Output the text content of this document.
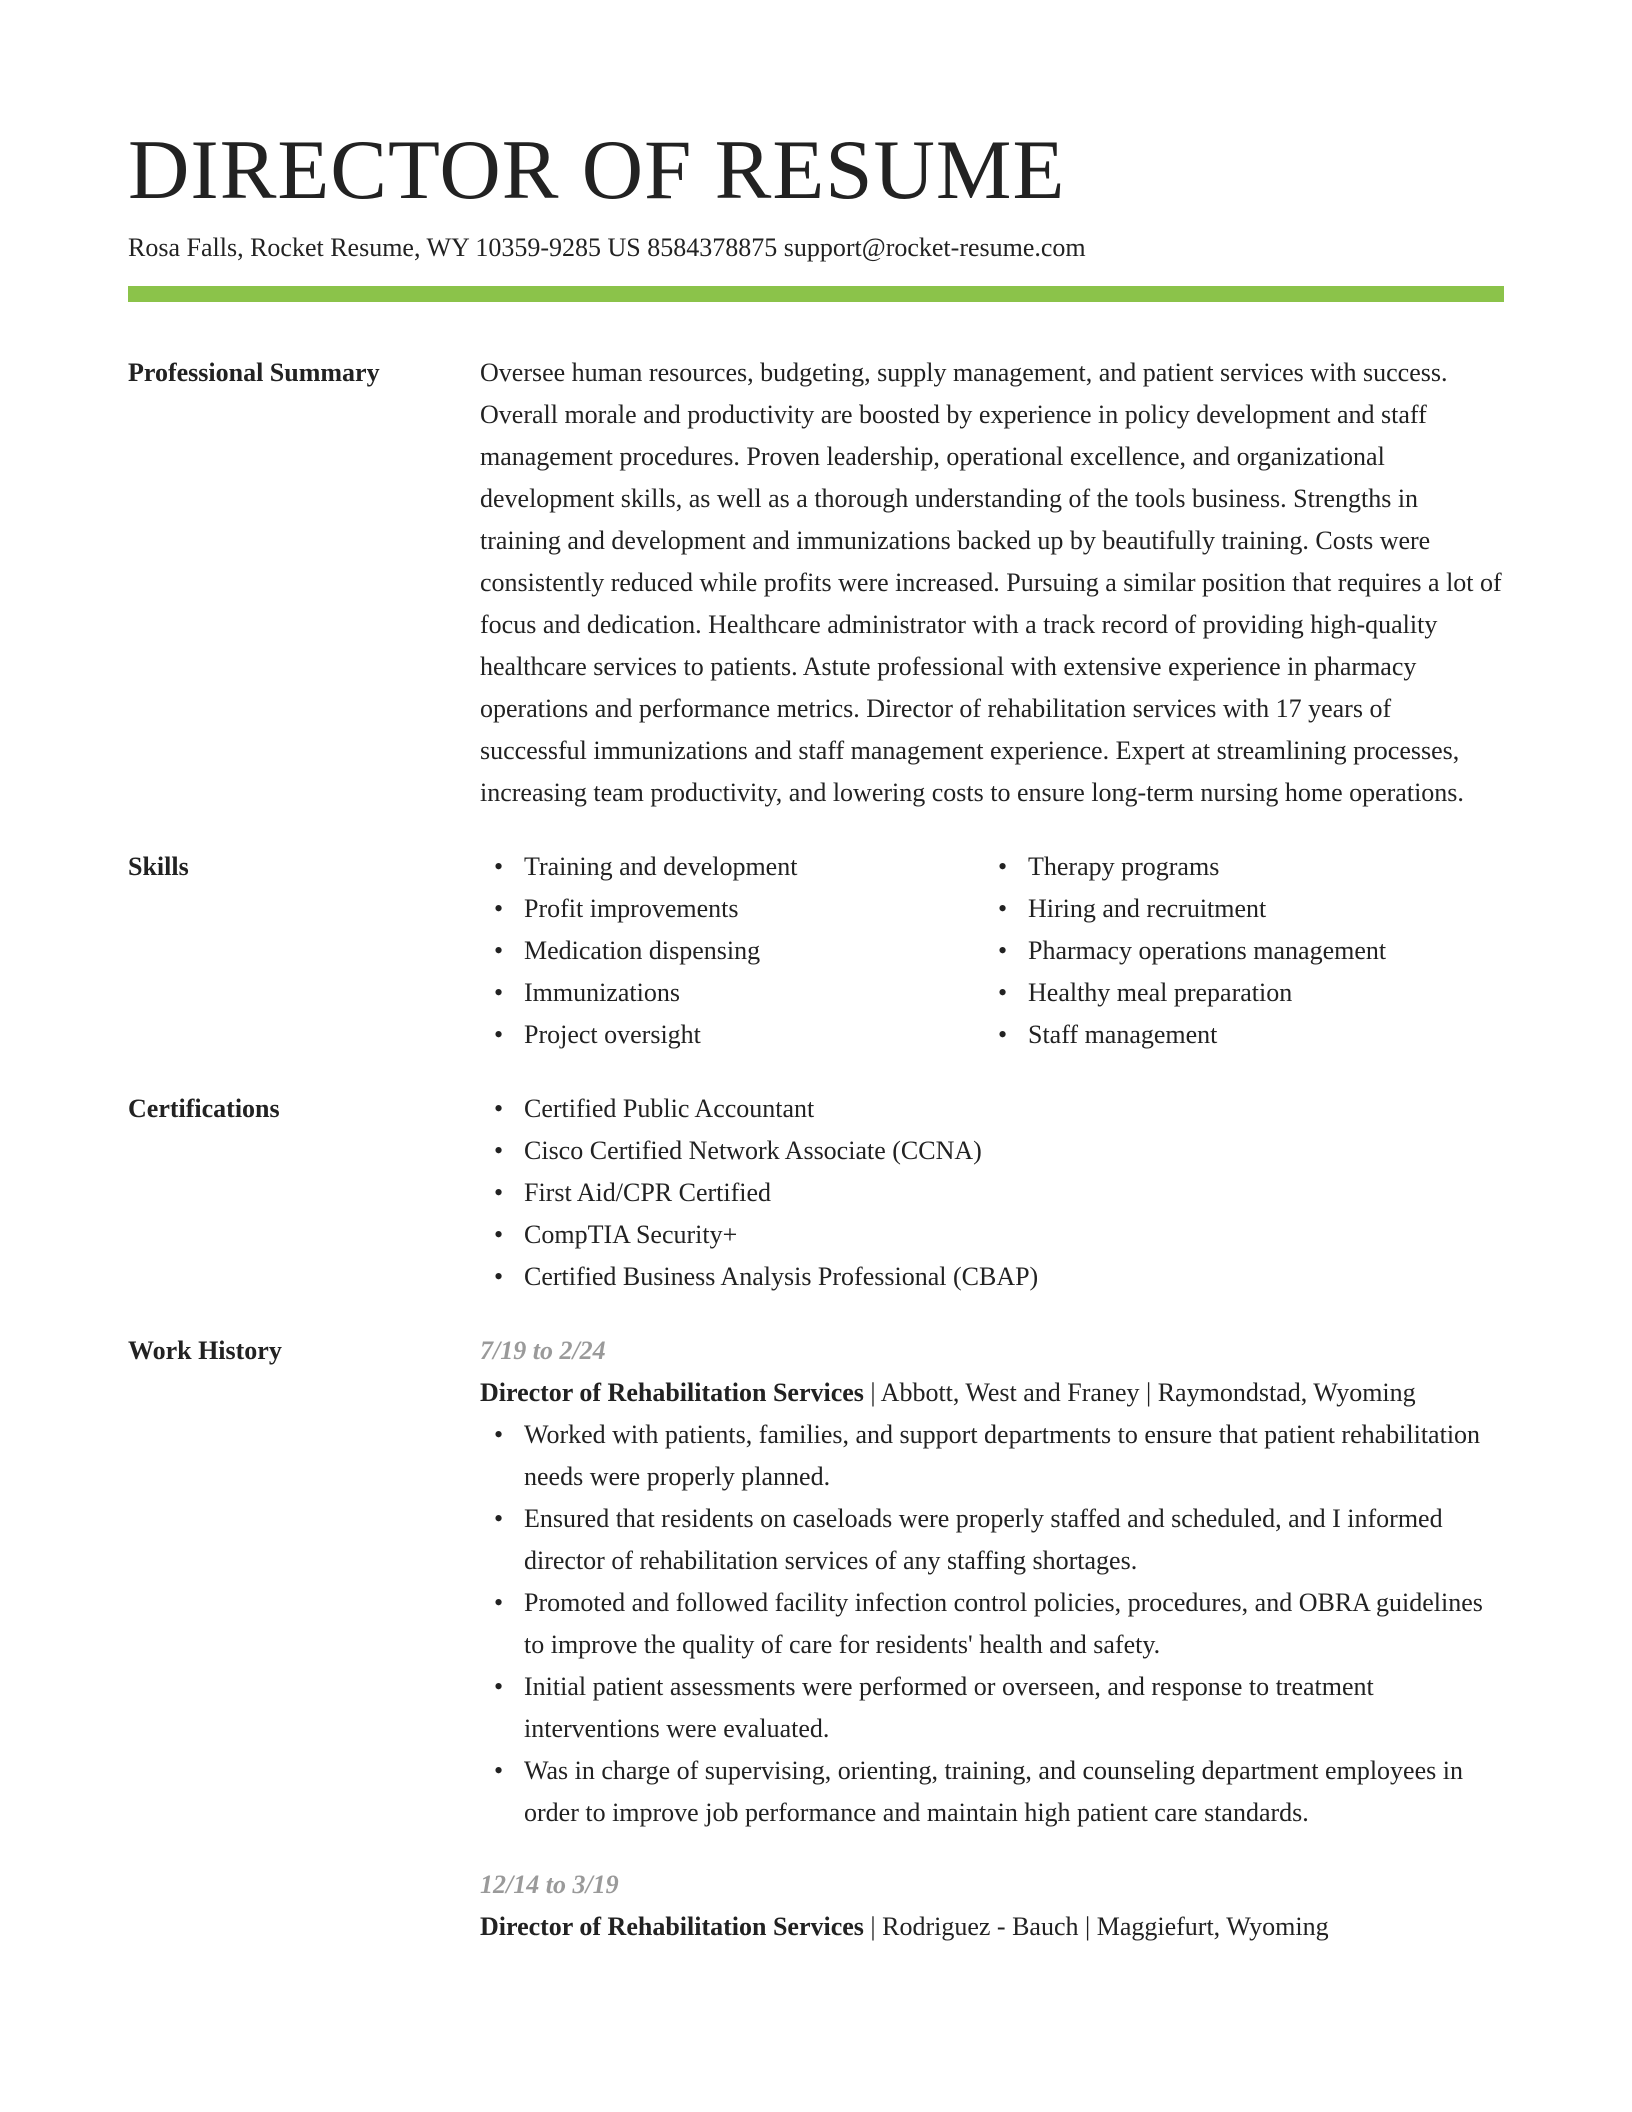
DIRECTOR OF RESUME
Rosa Falls, Rocket Resume, WY 10359-9285 US 8584378875 support@rocket-resume.com
Professional Summary	Oversee human resources, budgeting, supply management, and patient services with success. Overall morale and productivity are boosted by experience in policy development and staff management procedures. Proven leadership, operational excellence, and organizational development skills, as well as a thorough understanding of the tools business. Strengths in training and development and immunizations backed up by beautifully training. Costs were consistently reduced while profits were increased. Pursuing a similar position that requires a lot of focus and dedication. Healthcare administrator with a track record of providing high-quality healthcare services to patients. Astute professional with extensive experience in pharmacy operations and performance metrics. Director of rehabilitation services with 17 years of successful immunizations and staff management experience. Expert at streamlining processes, increasing team productivity, and lowering costs to ensure long-term nursing home operations.
Skills	• Training and development
• Profit improvements
• Medication dispensing
• Immunizations
• Project oversight
• Therapy programs
• Hiring and recruitment
• Pharmacy operations management
• Healthy meal preparation
• Staff management
Certifications	• Certified Public Accountant
• Cisco Certified Network Associate (CCNA)
• First Aid/CPR Certified
• CompTIA Security+
• Certified Business Analysis Professional (CBAP)
Work History	7/19 to 2/24
Director of Rehabilitation Services | Abbott, West and Franey | Raymondstad, Wyoming
• Worked with patients, families, and support departments to ensure that patient rehabilitation needs were properly planned.
• Ensured that residents on caseloads were properly staffed and scheduled, and I informed director of rehabilitation services of any staffing shortages.
• Promoted and followed facility infection control policies, procedures, and OBRA guidelines to improve the quality of care for residents' health and safety.
• Initial patient assessments were performed or overseen, and response to treatment interventions were evaluated.
• Was in charge of supervising, orienting, training, and counseling department employees in order to improve job performance and maintain high patient care standards.
12/14 to 3/19
Director of Rehabilitation Services | Rodriguez - Bauch | Maggiefurt, Wyoming
